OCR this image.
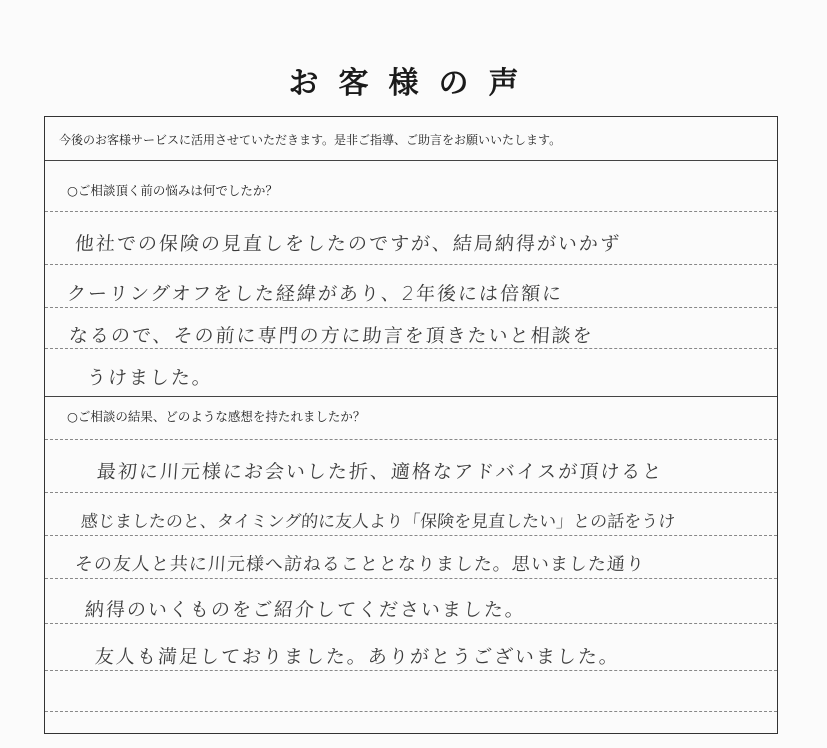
お客様の声
今後のお客様サービスに活用させていただきます。是非ご指導、ご助言をお願いいたします。
○ご相談頂く前の悩みは何でしたか？
他社での保険の見直しをしたのですが、結局納得がいかず
クーリングオフをした経緯があり、2年後には倍額に
なるので、その前に専門の方に助言を頂きたいと相談を
うけました。
○ご相談の結果、どのような感想を持たれましたか？
最初に川元様にお会いした折、適格なアドバイスが頂けると
感じましたのと、タイミング的に友人より「保険を見直したい」との話をうけ
その友人と共に川元様へ訪ねることとなりました。思いました通り
納得のいくものをご紹介してくださいました。
友人も満足しておりました。ありがとうございました。
